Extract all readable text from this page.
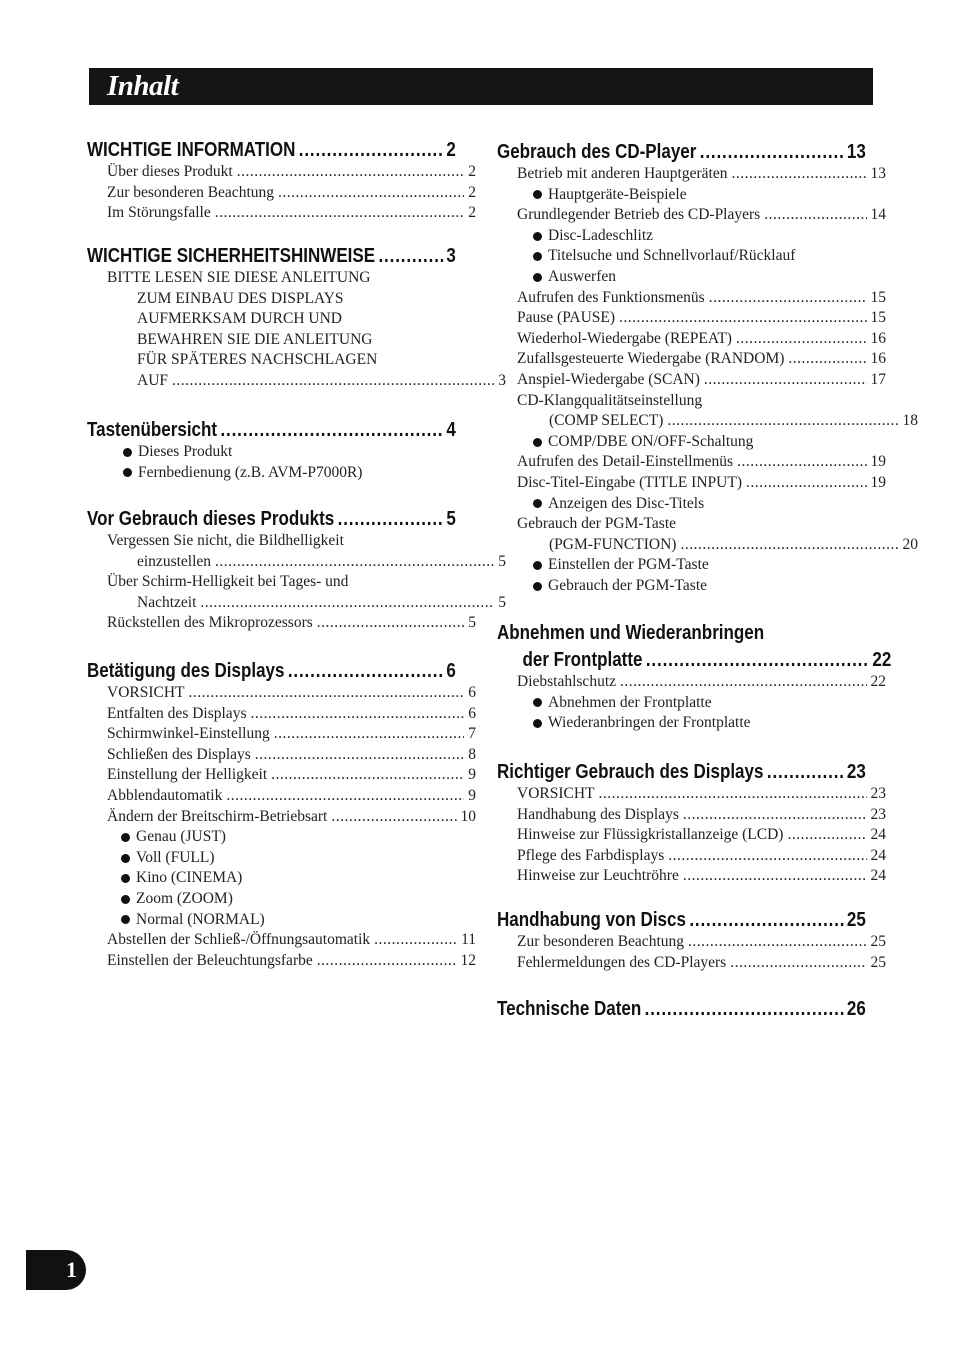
Inhalt
WICHTIGE INFORMATION .....	2
Über dieses Produkt .....	2
Zur besonderen Beachtung .....	2
Im Störungsfalle .....	2
WICHTIGE SICHERHEITSHINWEISE .....	3
BITTE LESEN SIE DIESE ANLEITUNG
ZUM EINBAU DES DISPLAYS
AUFMERKSAM DURCH UND
BEWAHREN SIE DIE ANLEITUNG
FÜR SPÄTERES NACHSCHLAGEN
AUF .....	3
Tastenübersicht .....	4
Dieses Produkt
Fernbedienung (z.B. AVM-P7000R)
Vor Gebrauch dieses Produkts .....	5
Vergessen Sie nicht, die Bildhelligkeit
einzustellen .....	5
Über Schirm-Helligkeit bei Tages- und
Nachtzeit .....	5
Rückstellen des Mikroprozessors .....	5
Betätigung des Displays .....	6
VORSICHT .....	6
Entfalten des Displays .....	6
Schirmwinkel-Einstellung .....	7
Schließen des Displays .....	8
Einstellung der Helligkeit .....	9
Abblendautomatik .....	9
Ändern der Breitschirm-Betriebsart .....	10
Genau (JUST)
Voll (FULL)
Kino (CINEMA)
Zoom (ZOOM)
Normal (NORMAL)
Abstellen der Schließ-/Öffnungsautomatik .....	11
Einstellen der Beleuchtungsfarbe .....	12
Gebrauch des CD-Player .....	13
Betrieb mit anderen Hauptgeräten .....	13
Hauptgeräte-Beispiele
Grundlegender Betrieb des CD-Players .....	14
Disc-Ladeschlitz
Titelsuche und Schnellvorlauf/Rücklauf
Auswerfen
Aufrufen des Funktionsmenüs .....	15
Pause (PAUSE) .....	15
Wiederhol-Wiedergabe (REPEAT) .....	16
Zufallsgesteuerte Wiedergabe (RANDOM) .....	16
Anspiel-Wiedergabe (SCAN) .....	17
CD-Klangqualitätseinstellung
(COMP SELECT) .....	18
COMP/DBE ON/OFF-Schaltung
Aufrufen des Detail-Einstellmenüs .....	19
Disc-Titel-Eingabe (TITLE INPUT) .....	19
Anzeigen des Disc-Titels
Gebrauch der PGM-Taste
(PGM-FUNCTION) .....	20
Einstellen der PGM-Taste
Gebrauch der PGM-Taste
Abnehmen und Wiederanbringen
der Frontplatte .....	22
Diebstahlschutz .....	22
Abnehmen der Frontplatte
Wiederanbringen der Frontplatte
Richtiger Gebrauch des Displays .....	23
VORSICHT .....	23
Handhabung des Displays .....	23
Hinweise zur Flüssigkristallanzeige (LCD) .....	24
Pflege des Farbdisplays .....	24
Hinweise zur Leuchtröhre .....	24
Handhabung von Discs .....	25
Zur besonderen Beachtung .....	25
Fehlermeldungen des CD-Players .....	25
Technische Daten .....	26
1
